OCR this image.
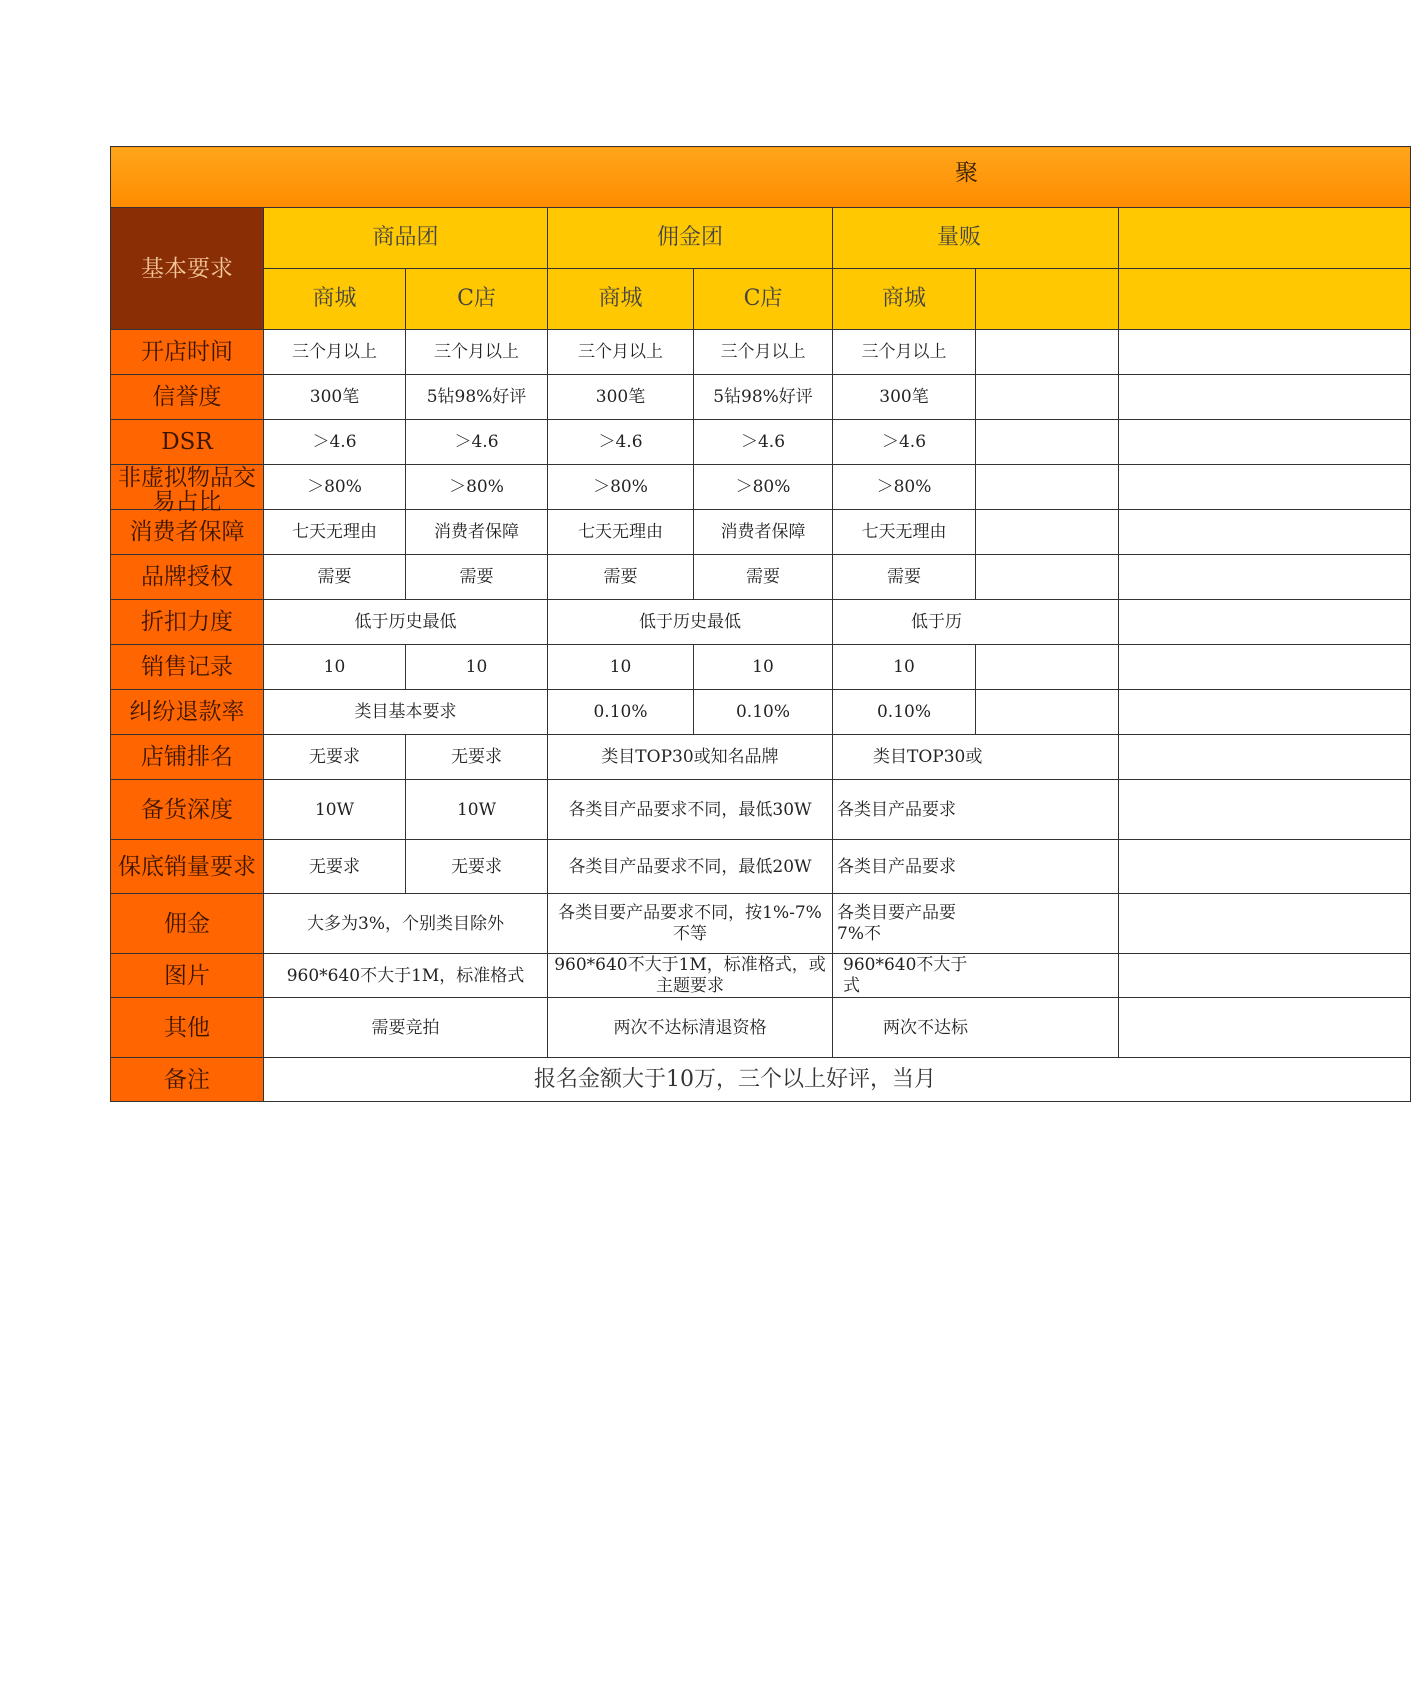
聚							

基本要求	商品团		佣金团		量贩		
	商城	C店	商城	C店	商城		
开店时间	三个月以上	三个月以上	三个月以上	三个月以上	三个月以上		
信誉度	300笔	5钻98%好评	300笔	5钻98%好评	300笔		
DSR	＞4.6	＞4.6	＞4.6	＞4.6	＞4.6		

非虚拟物品交易占比	＞80%	＞80%	＞80%	＞80%	＞80%		
消费者保障	七天无理由	消费者保障	七天无理由	消费者保障	七天无理由		
品牌授权	需要	需要	需要	需要	需要		
折扣力度	低于历史最低		低于历史最低		低于历		
销售记录	10	10	10	10	10		
纠纷退款率	类目基本要求		0.10%	0.10%	0.10%		
店铺排名	无要求	无要求	类目TOP30或知名品牌		类目TOP30或		
备货深度	10W	10W	各类目产品要求不同，最低30W		各类目产品要求		

保底销量要求	无要求	无要求	各类目产品要求不同，最低20W		各类目产品要求		
佣金	大多为3%，个别类目除外		各类目要产品要求不同，按1%-7%不等		各类目要产品要7%不		

图片	960*640不大于1M，标准格式		960*640不大于1M，标准格式，或主题要求		960*640不大于式		

其他	需要竞拍		两次不达标清退资格		两次不达标		
备注	报名金额大于10万，三个以上好评，当月						
